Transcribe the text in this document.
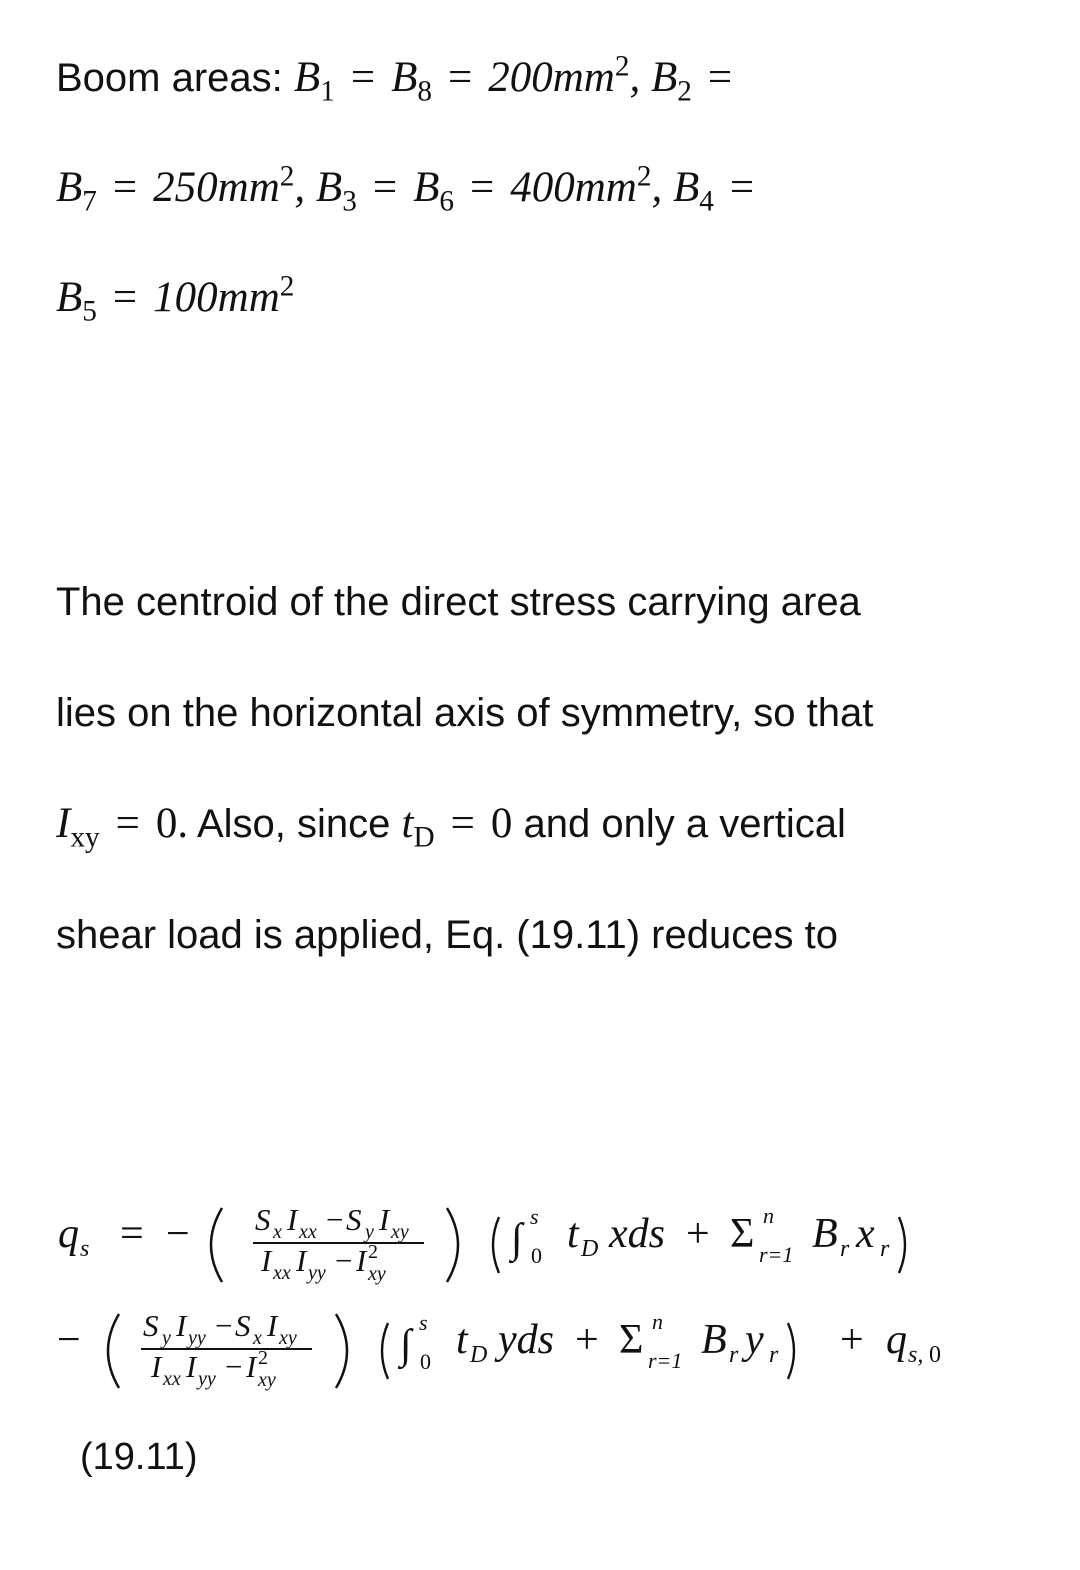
Boom areas: $B_1 = B_8 = 200mm^2$, $B_2$ =
$B_7 = 250mm^2$, $B_3 = B_6 = 400mm^2$, $B_4$ =
$B_5 = 100mm^2$
The centroid of the direct stress carrying area
lies on the horizontal axis of symmetry, so that
$I_{xy} = 0$. Also, since $t_D = 0$ and only a vertical
shear load is applied, Eq. (19.11) reduces to
q s = − S x I xx − S y I xy
I xx I yy − I 2
xy
∫ s
0 t D xds + Σ n
r=1 B r x r
− S y I yy − S x I xy
I xx I yy − I 2
xy
∫ s
0 t D yds + Σ n
r=1 B r y r + q s, 0
(19.11)
